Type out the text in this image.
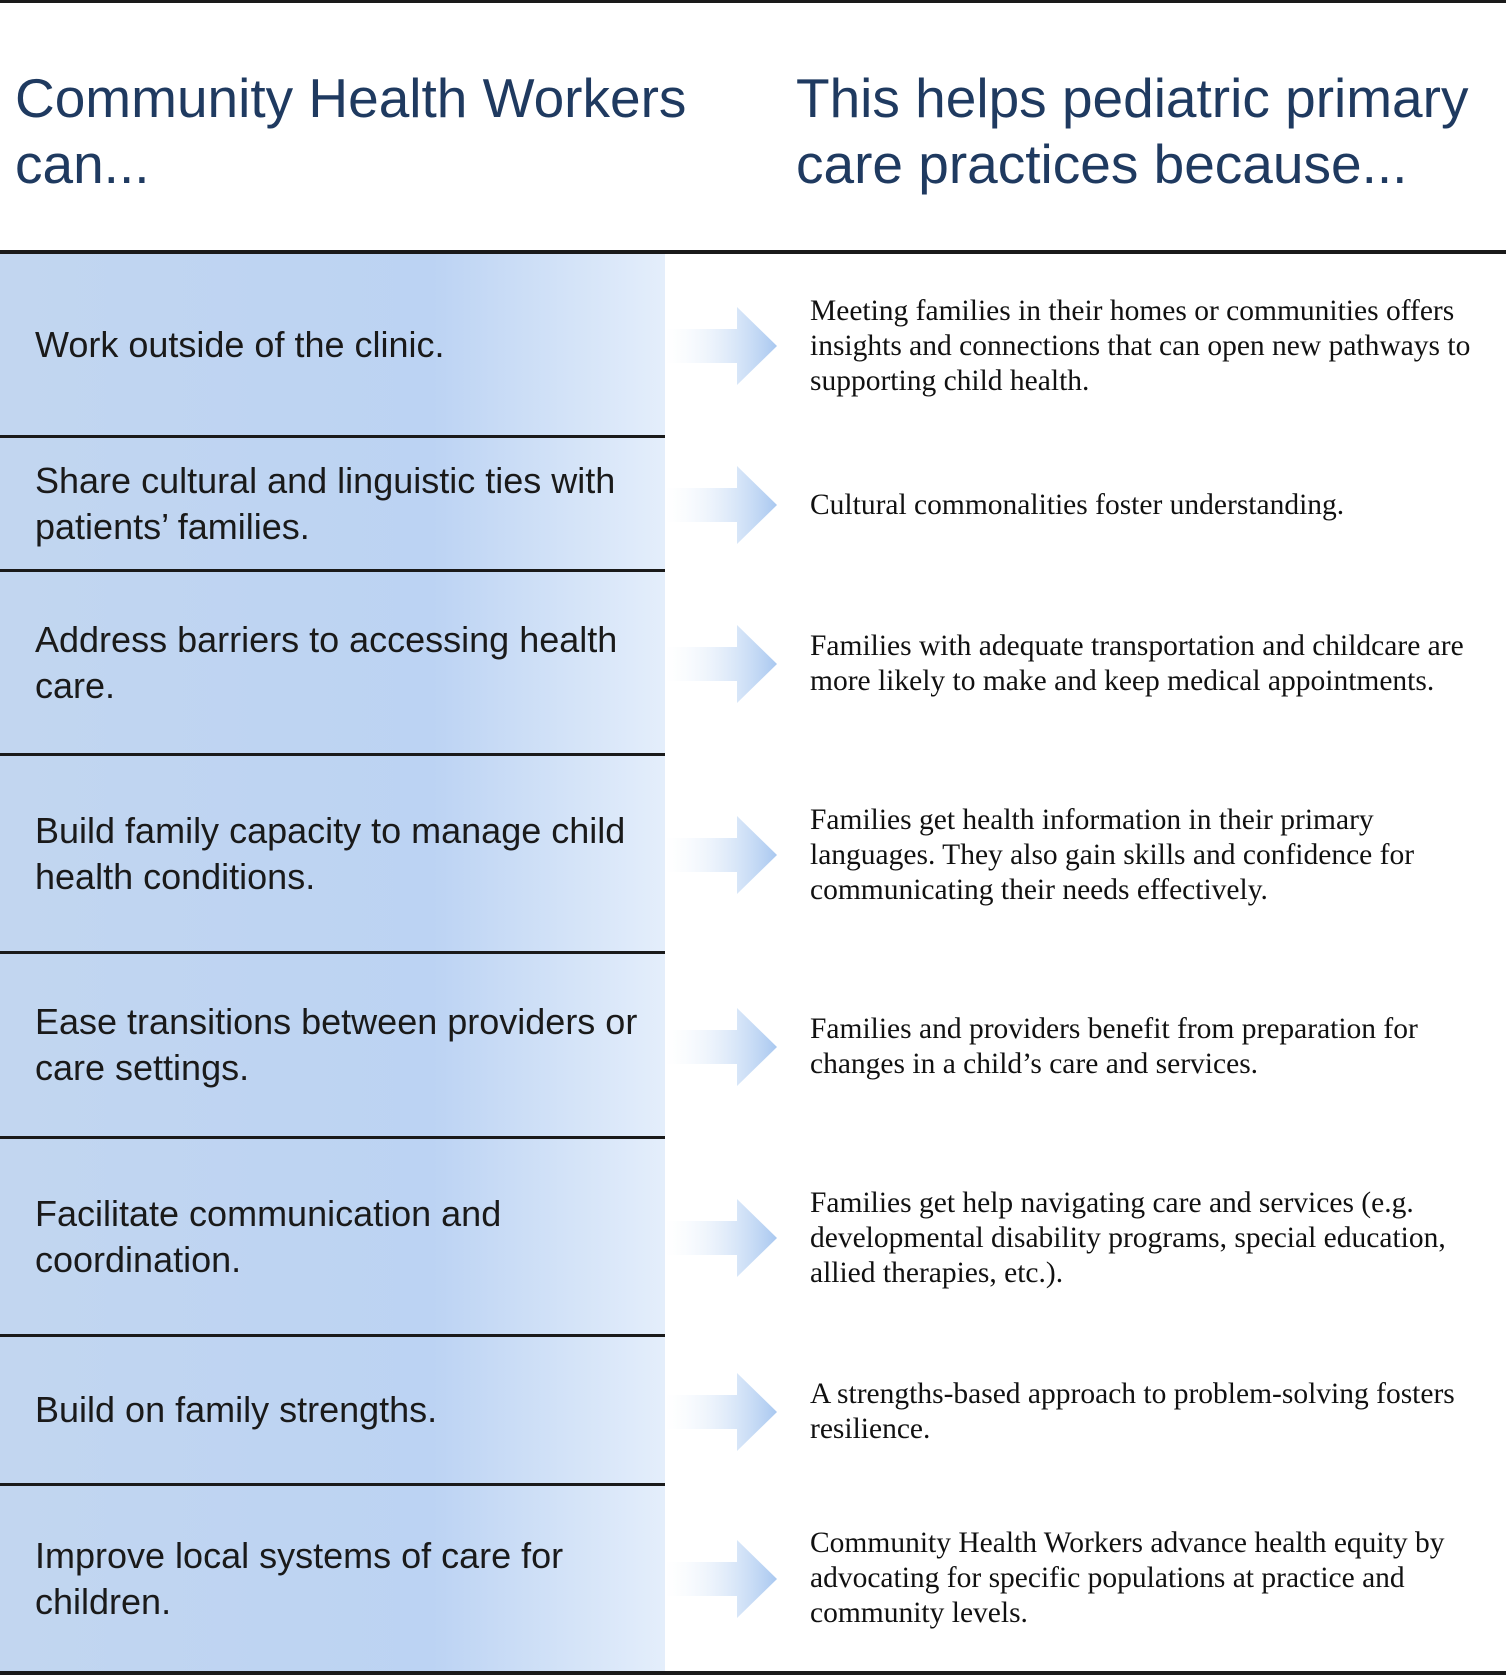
Community Health Workers can...
This helps pediatric primary care practices because...
Work outside of the clinic.
Meeting families in their homes or communities offers insights and connections that can open new pathways to supporting child health.
Share cultural and linguistic ties with patients’ families.
Cultural commonalities foster understanding.
Address barriers to accessing health care.
Families with adequate transportation and childcare are more likely to make and keep medical appointments.
Build family capacity to manage child health conditions.
Families get health information in their primary languages. They also gain skills and confidence for communicating their needs effectively.
Ease transitions between providers or care settings.
Families and providers benefit from preparation for changes in a child’s care and services.
Facilitate communication and coordination.
Families get help navigating care and services (e.g. developmental disability programs, special education, allied therapies, etc.).
Build on family strengths.	A strengths-based approach to problem-solving fosters resilience.
Improve local systems of care for children.
Community Health Workers advance health equity by advocating for specific populations at practice and community levels.
